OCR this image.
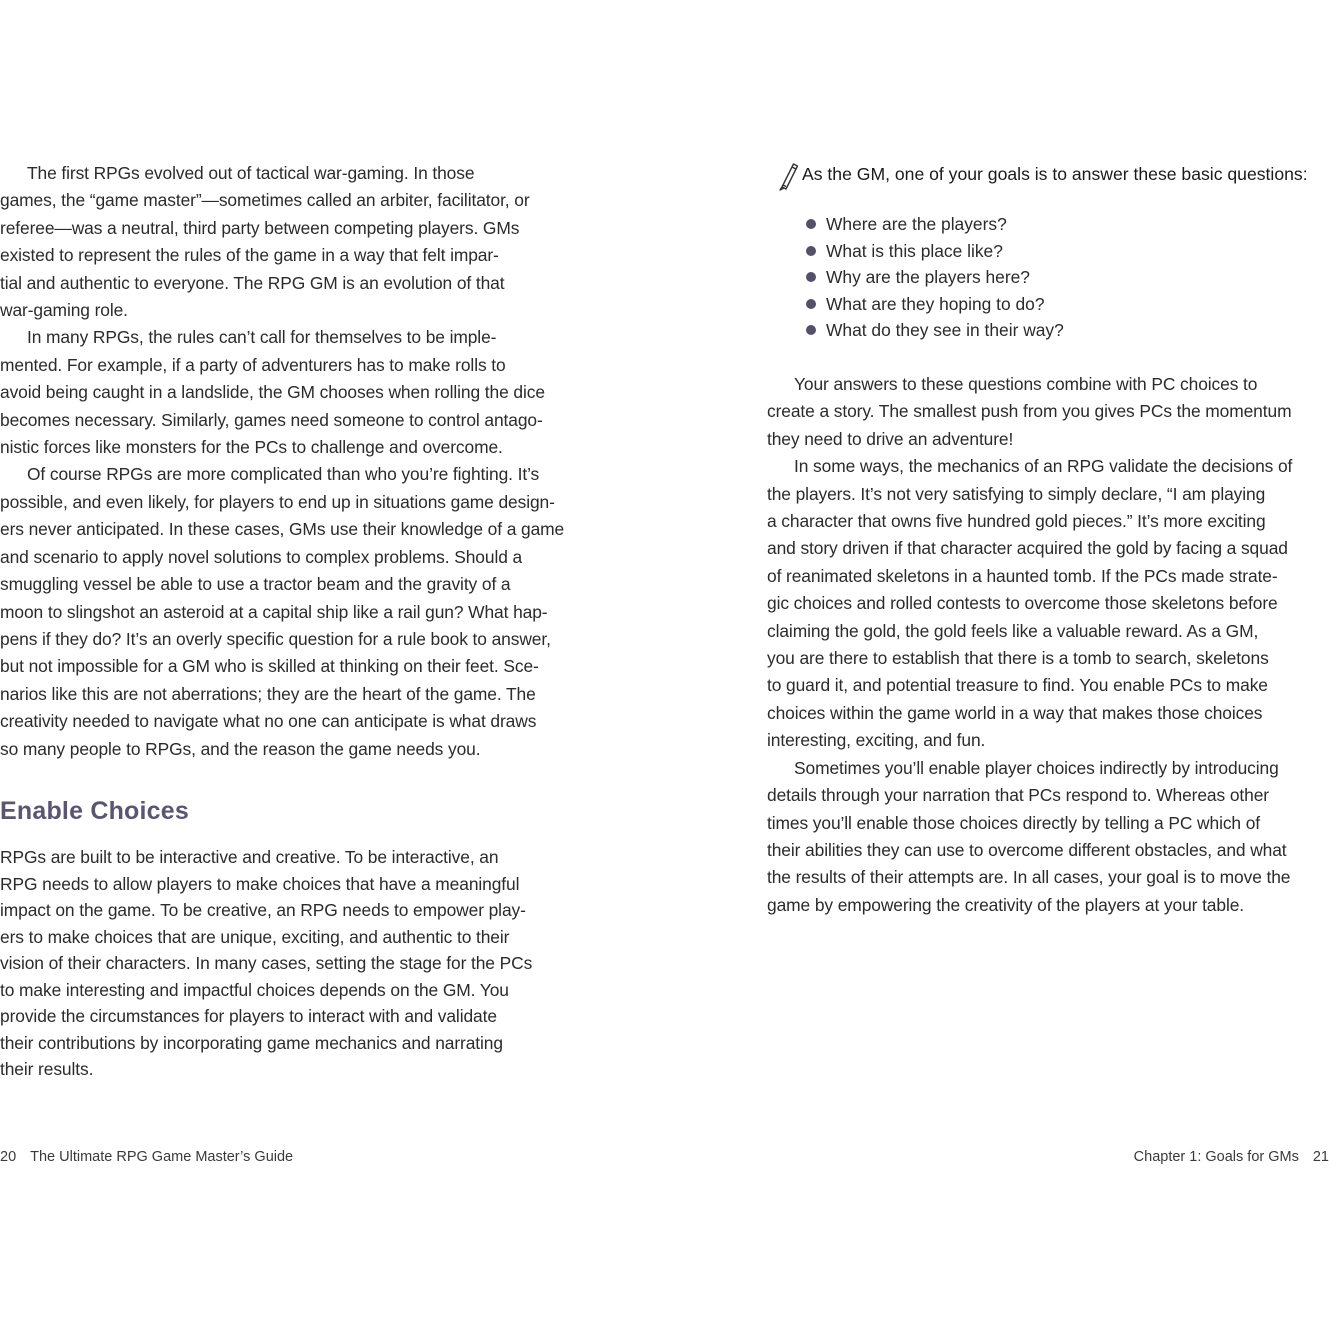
The first RPGs evolved out of tactical war-gaming. In those
games, the “game master”—sometimes called an arbiter, facilitator, or
referee—was a neutral, third party between competing players. GMs
existed to represent the rules of the game in a way that felt impar-
tial and authentic to everyone. The RPG GM is an evolution of that
war-gaming role.

In many RPGs, the rules can’t call for themselves to be imple-
mented. For example, if a party of adventurers has to make rolls to
avoid being caught in a landslide, the GM chooses when rolling the dice
becomes necessary. Similarly, games need someone to control antago-
nistic forces like monsters for the PCs to challenge and overcome.

Of course RPGs are more complicated than who you’re fighting. It’s
possible, and even likely, for players to end up in situations game design-
ers never anticipated. In these cases, GMs use their knowledge of a game
and scenario to apply novel solutions to complex problems. Should a
smuggling vessel be able to use a tractor beam and the gravity of a
moon to slingshot an asteroid at a capital ship like a rail gun? What hap-
pens if they do? It’s an overly specific question for a rule book to answer,
but not impossible for a GM who is skilled at thinking on their feet. Sce-
narios like this are not aberrations; they are the heart of the game. The
creativity needed to navigate what no one can anticipate is what draws
so many people to RPGs, and the reason the game needs you.

Enable Choices

RPGs are built to be interactive and creative. To be interactive, an
RPG needs to allow players to make choices that have a meaningful
impact on the game. To be creative, an RPG needs to empower play-
ers to make choices that are unique, exciting, and authentic to their
vision of their characters. In many cases, setting the stage for the PCs
to make interesting and impactful choices depends on the GM. You
provide the circumstances for players to interact with and validate
their contributions by incorporating game mechanics and narrating
their results.

As the GM, one of your goals is to answer these basic questions:

Where are the players?
What is this place like?
Why are the players here?
What are they hoping to do?
What do they see in their way?

Your answers to these questions combine with PC choices to
create a story. The smallest push from you gives PCs the momentum
they need to drive an adventure!

In some ways, the mechanics of an RPG validate the decisions of
the players. It’s not very satisfying to simply declare, “I am playing
a character that owns five hundred gold pieces.” It’s more exciting
and story driven if that character acquired the gold by facing a squad
of reanimated skeletons in a haunted tomb. If the PCs made strate-
gic choices and rolled contests to overcome those skeletons before
claiming the gold, the gold feels like a valuable reward. As a GM,
you are there to establish that there is a tomb to search, skeletons
to guard it, and potential treasure to find. You enable PCs to make
choices within the game world in a way that makes those choices
interesting, exciting, and fun.

Sometimes you’ll enable player choices indirectly by introducing
details through your narration that PCs respond to. Whereas other
times you’ll enable those choices directly by telling a PC which of
their abilities they can use to overcome different obstacles, and what
the results of their attempts are. In all cases, your goal is to move the
game by empowering the creativity of the players at your table.

20 The Ultimate RPG Game Master’s Guide	Chapter 1: Goals for GMs 21
